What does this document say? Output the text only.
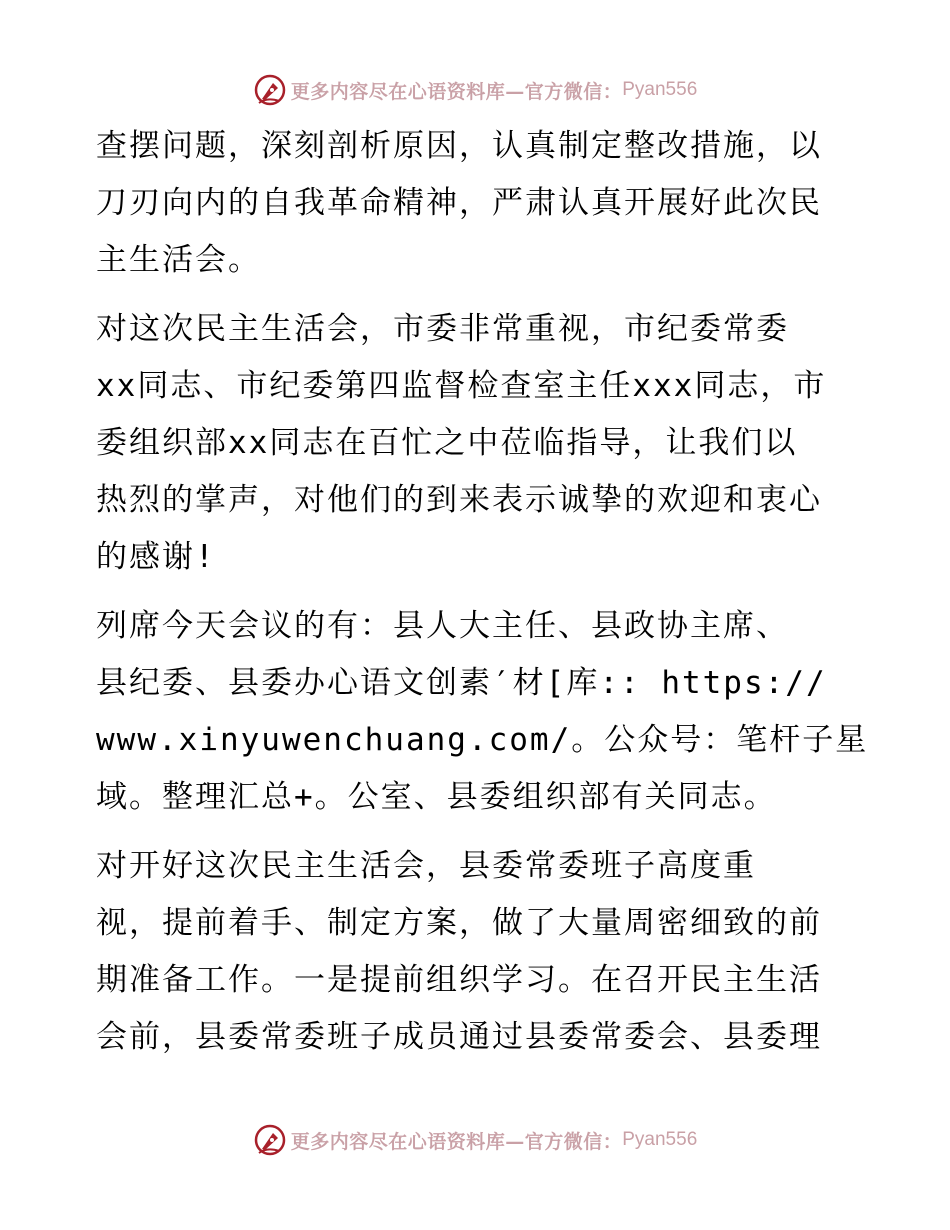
更多内容尽在心语资料库—官方微信： Pyan556

查摆问题，深刻剖析原因，认真制定整改措施，以
刀刃向内的自我革命精神，严肃认真开展好此次民
主生活会。

对这次民主生活会，市委非常重视，市纪委常委
xx同志、市纪委第四监督检查室主任xxx同志，市
委组织部xx同志在百忙之中莅临指导，让我们以
热烈的掌声，对他们的到来表示诚挚的欢迎和衷心
的感谢!

列席今天会议的有：县人大主任、县政协主席、
县纪委、县委办心语文创素′材[库:: https://
www.xinyuwenchuang.com/。公众号：笔杆子星
域。整理汇总+。公室、县委组织部有关同志。

对开好这次民主生活会，县委常委班子高度重
视，提前着手、制定方案，做了大量周密细致的前
期准备工作。一是提前组织学习。在召开民主生活
会前，县委常委班子成员通过县委常委会、县委理

更多内容尽在心语资料库—官方微信： Pyan556
